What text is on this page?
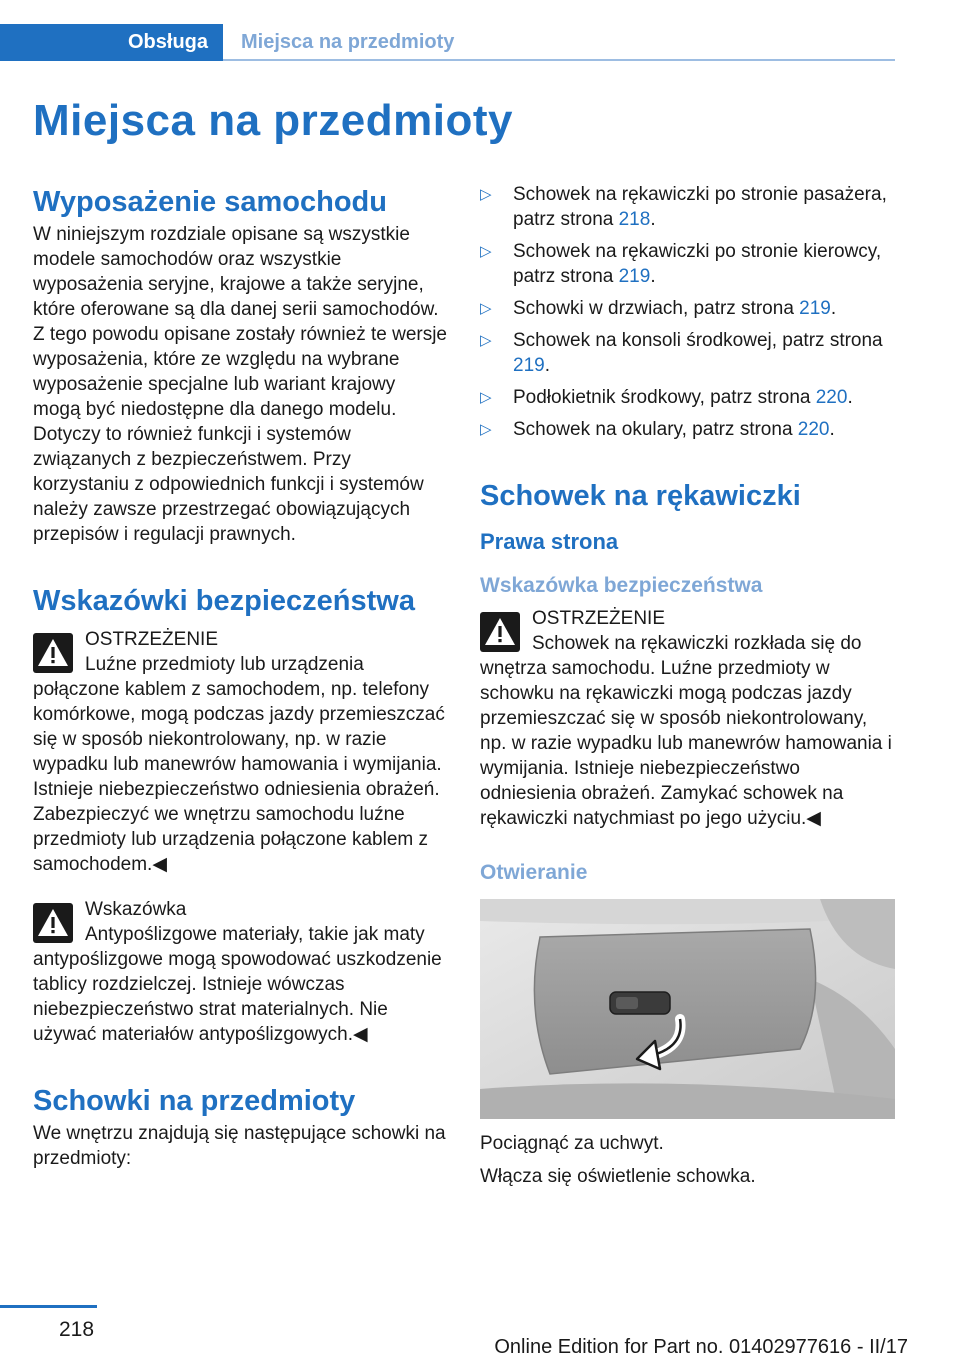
Obsługa	Miejsca na przedmioty
Miejsca na przedmioty
Wyposażenie samochodu

W niniejszym rozdziale opisane są wszystkie modele samochodów oraz wszystkie wyposażenia seryjne, krajowe a także seryjne, które oferowane są dla danej serii samochodów. Z tego powodu opisane zostały również te wersje wyposażenia, które ze względu na wybrane wyposażenie specjalne lub wariant krajowy mogą być niedostępne dla danego modelu. Dotyczy to również funkcji i systemów związanych z bezpieczeństwem. Przy korzystaniu z odpowiednich funkcji i systemów należy zawsze przestrzegać obowiązujących przepisów i regulacji prawnych.

Wskazówki bezpieczeństwa
OSTRZEŻENIE

Luźne przedmioty lub urządzenia połączone kablem z samochodem, np. telefony komórkowe, mogą podczas jazdy przemieszczać się w sposób niekontrolowany, np. w razie wypadku lub manewrów hamowania i wymijania. Istnieje niebezpieczeństwo odniesienia obrażeń. Zabezpieczyć we wnętrzu samochodu luźne przedmioty lub urządzenia połączone kablem z samochodem.◀

Wskazówka

Antypoślizgowe materiały, takie jak maty antypoślizgowe mogą spowodować uszkodzenie tablicy rozdzielczej. Istnieje wówczas niebezpieczeństwo strat materialnych. Nie używać materiałów antypoślizgowych.◀

Schowki na przedmioty

We wnętrzu znajdują się następujące schowki na przedmioty:

▷ Schowek na rękawiczki po stronie pasażera, patrz strona 218.
▷ Schowek na rękawiczki po stronie kierowcy, patrz strona 219.
▷ Schowki w drzwiach, patrz strona 219.
▷ Schowek na konsoli środkowej, patrz strona 219.
▷ Podłokietnik środkowy, patrz strona 220.
▷ Schowek na okulary, patrz strona 220.
Schowek na rękawiczki
Prawa strona
Wskazówka bezpieczeństwa
OSTRZEŻENIE

Schowek na rękawiczki rozkłada się do wnętrza samochodu. Luźne przedmioty w schowku na rękawiczki mogą podczas jazdy przemieszczać się w sposób niekontrolowany, np. w razie wypadku lub manewrów hamowania i wymijania. Istnieje niebezpieczeństwo odniesienia obrażeń. Zamykać schowek na rękawiczki natychmiast po jego użyciu.◀

Otwieranie

Pociągnąć za uchwyt.

Włącza się oświetlenie schowka.

218
Online Edition for Part no. 01402977616 - II/17
